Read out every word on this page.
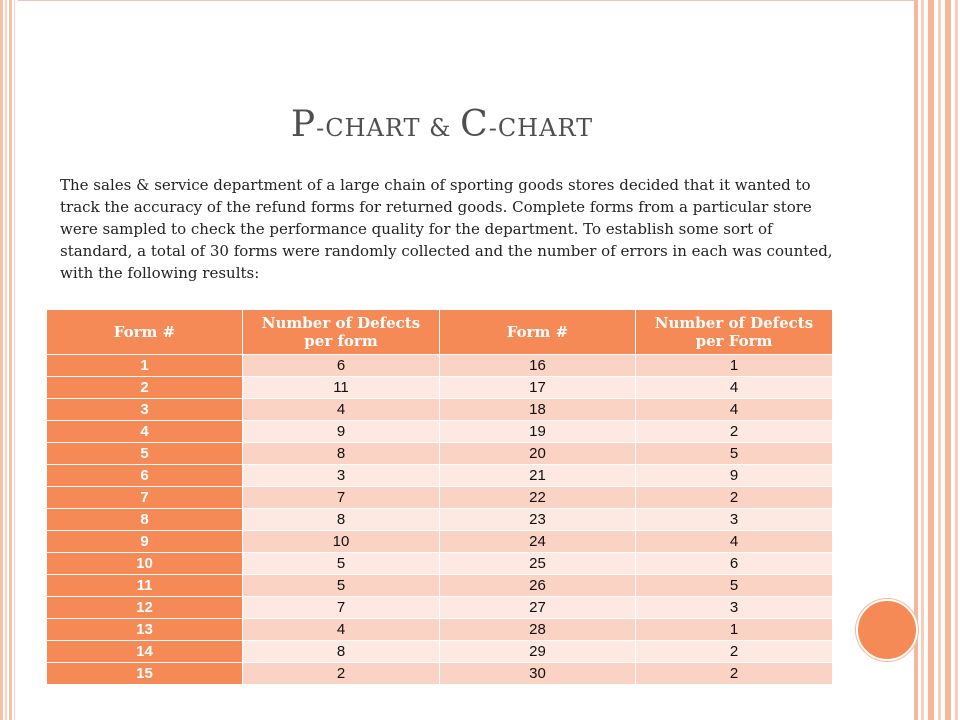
P-CHART & C-CHART
The sales & service department of a large chain of sporting goods stores decided that it wanted to track the accuracy of the refund forms for returned goods. Complete forms from a particular store were sampled to check the performance quality for the department. To establish some sort of standard, a total of 30 forms were randomly collected and the number of errors in each was counted, with the following results:
Form #	Number of Defects per form	Form #	Number of Defects per Form
1	6	16	1
2	11	17	4
3	4	18	4
4	9	19	2
5	8	20	5
6	3	21	9
7	7	22	2
8	8	23	3
9	10	24	4
10	5	25	6
11	5	26	5
12	7	27	3
13	4	28	1
14	8	29	2
15	2	30	2
